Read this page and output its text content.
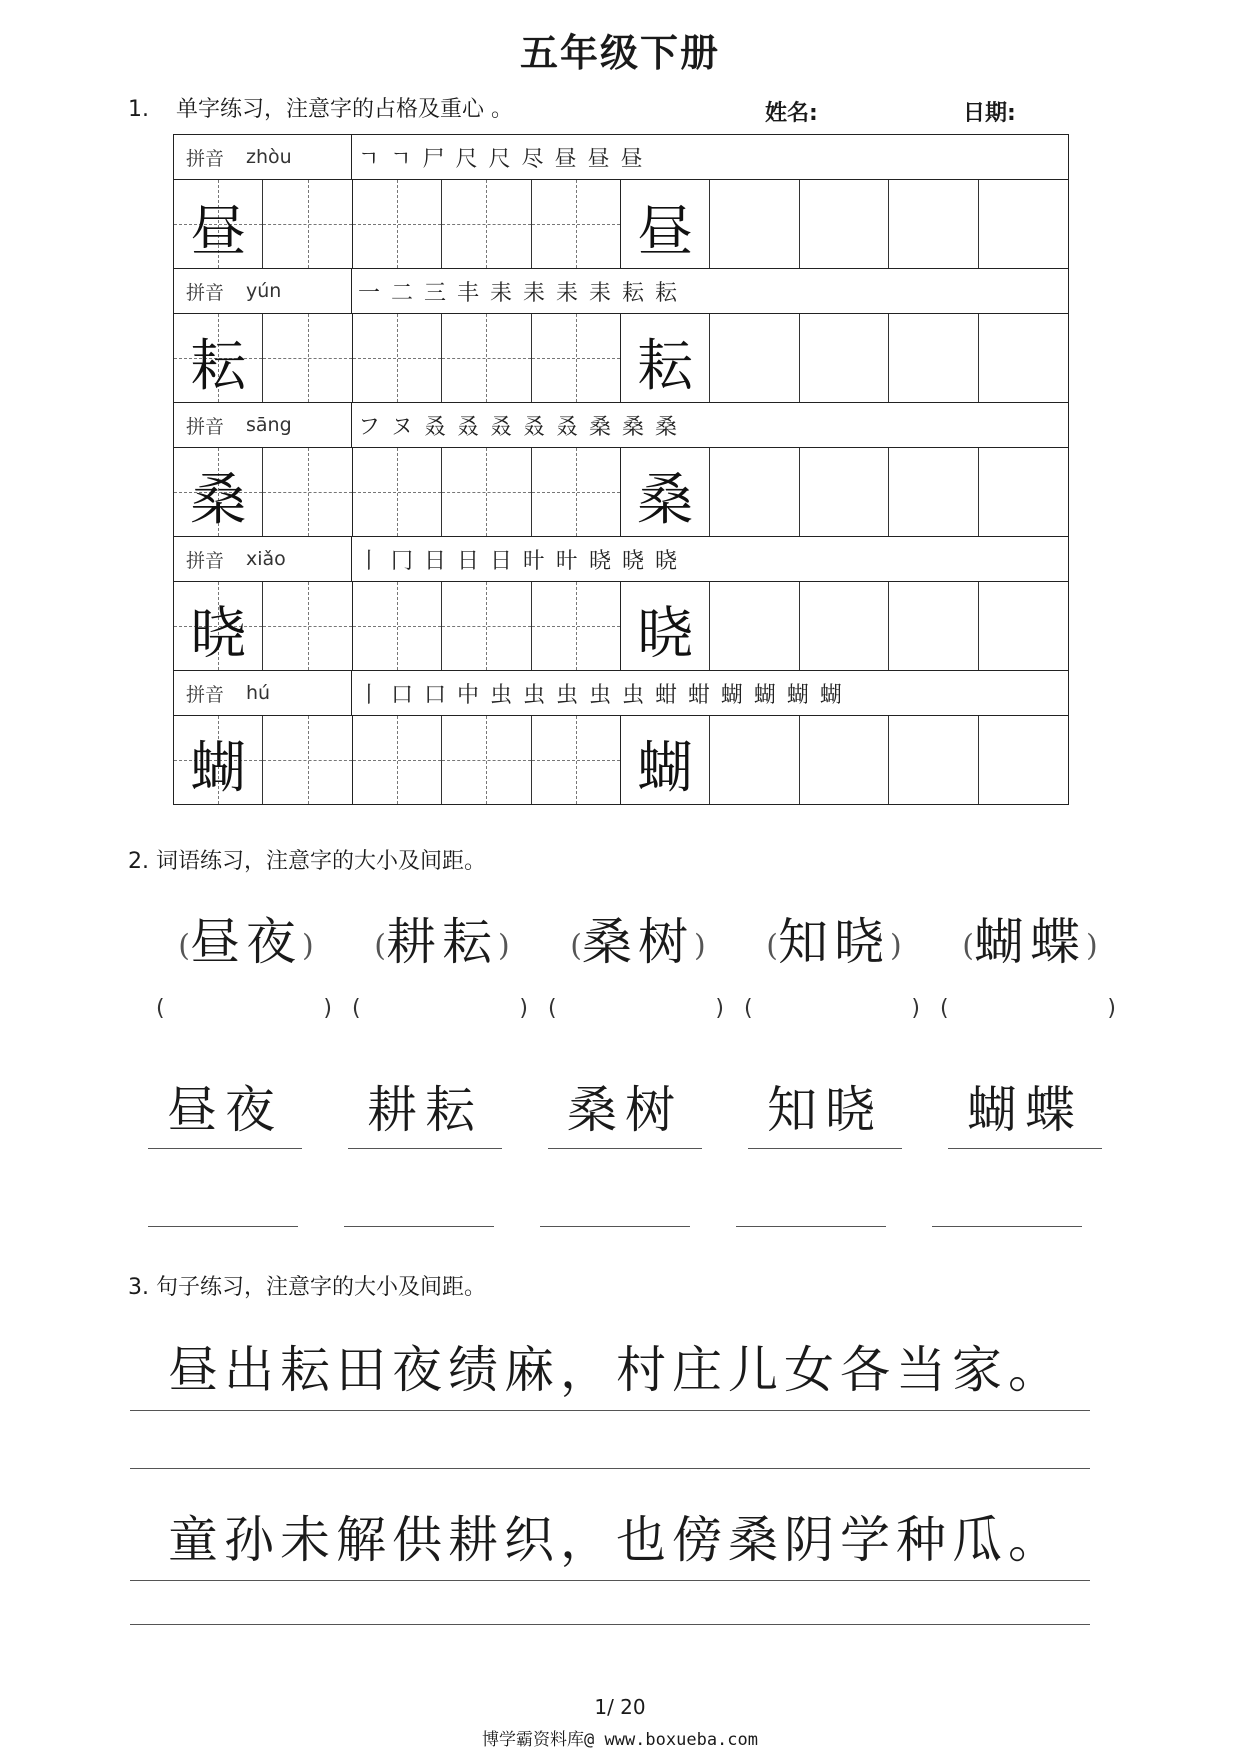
五年级下册
1. 单字练习，注意字的占格及重心 。	姓名:	日期:
拼音 zhòu	ㄱ ㄱ 尸 尺 尺 尽 昼 昼 昼
昼	昼
拼音 yún	一 二 三 丰 耒 耒 耒 耒 耘 耘
耘	耘
拼音 sāng	フ ヌ 叒 叒 叒 叒 叒 桑 桑 桑
桑	桑
拼音 xiǎo	丨 冂 日 日 日 旪 旪 晓 晓 晓
晓	晓
拼音 hú	丨 口 口 中 虫 虫 虫 虫 虫 蚶 蚶 蝴 蝴 蝴 蝴
蝴	蝴
2. 词语练习，注意字的大小及间距。
(昼夜)	(耕耘)	(桑树)	(知晓)	(蝴蝶)
(	) (	) (	) (	) (	)
昼夜	耕耘	桑树	知晓	蝴蝶
3. 句子练习，注意字的大小及间距。
昼出耘田夜绩麻，村庄儿女各当家。
童孙未解供耕织，也傍桑阴学种瓜。
1/ 20
博学霸资料库@ www.boxueba.com
